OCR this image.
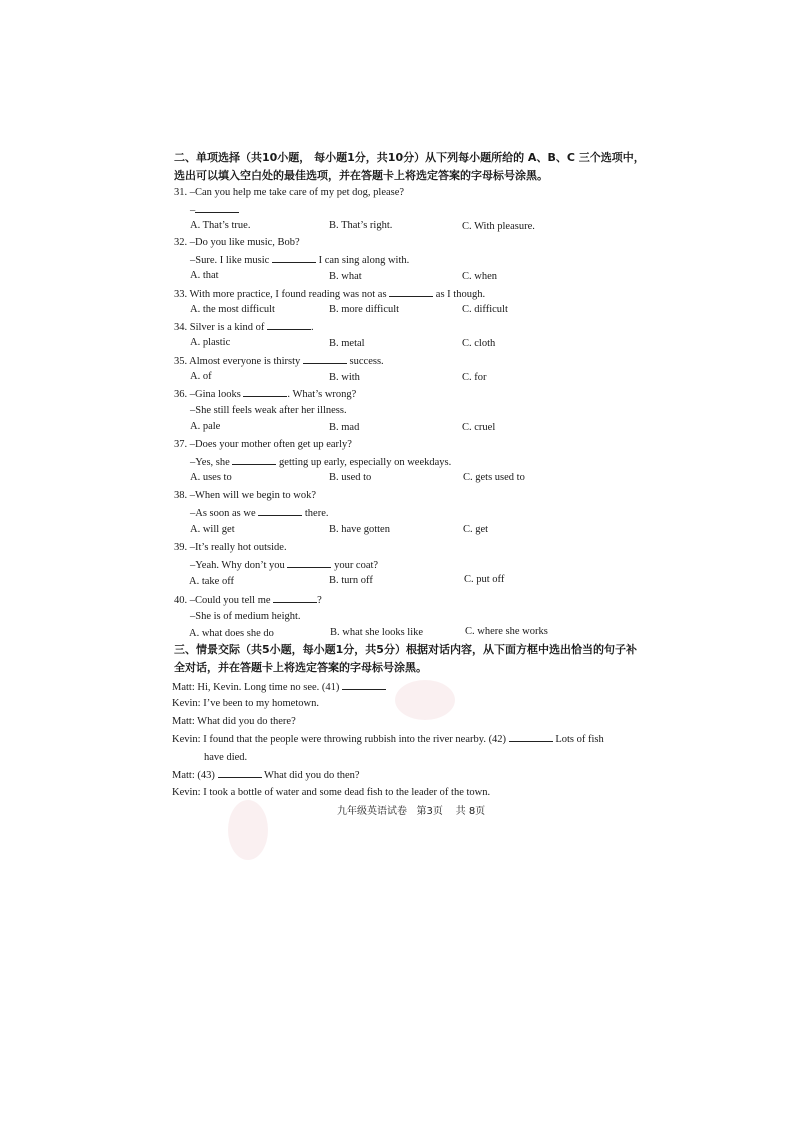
二、单项选择（共10小题， 每小题1分，共10分）从下列每小题所给的 A、B、C 三个选项中，
选出可以填入空白处的最佳选项，并在答题卡上将选定答案的字母标号涂黑。
31. –Can you help me take care of my pet dog, please?
–
A. That’s true.	B. That’s right.	C. With pleasure.
32. –Do you like music, Bob?
–Sure. I like music	I can sing along with.
A. that	B. what	C. when
33. With more practice, I found reading was not as	as I though.
A. the most difficult	B. more difficult	C. difficult
34. Silver is a kind of	.
A. plastic	B. metal	C. cloth
35. Almost everyone is thirsty	success.
A. of	B. with	C. for
36. –Gina looks	. What’s wrong?
–She still feels weak after her illness.
A. pale	B. mad	C. cruel
37. –Does your mother often get up early?
–Yes, she	getting up early, especially on weekdays.
A. uses to	B. used to	C. gets used to
38. –When will we begin to wok?
–As soon as we	there.
A. will get	B. have gotten	C. get
39. –It’s really hot outside.
–Yeah. Why don’t you	your coat?
A. take off	B. turn off	C. put off
40. –Could you tell me	?
–She is of medium height.
A. what does she do	B. what she looks like	C. where she works
三、情景交际（共5小题，每小题1分，共5分）根据对话内容，从下面方框中选出恰当的句子补
全对话，并在答题卡上将选定答案的字母标号涂黑。
Matt: Hi, Kevin. Long time no see. (41)
Kevin: I’ve been to my hometown.
Matt: What did you do there?
Kevin: I found that the people were throwing rubbish into the river nearby. (42)	Lots of fish
have died.
Matt: (43)	What did you do then?
Kevin: I took a bottle of water and some dead fish to the leader of the town.
九年级英语试卷 第3页 共 8页
